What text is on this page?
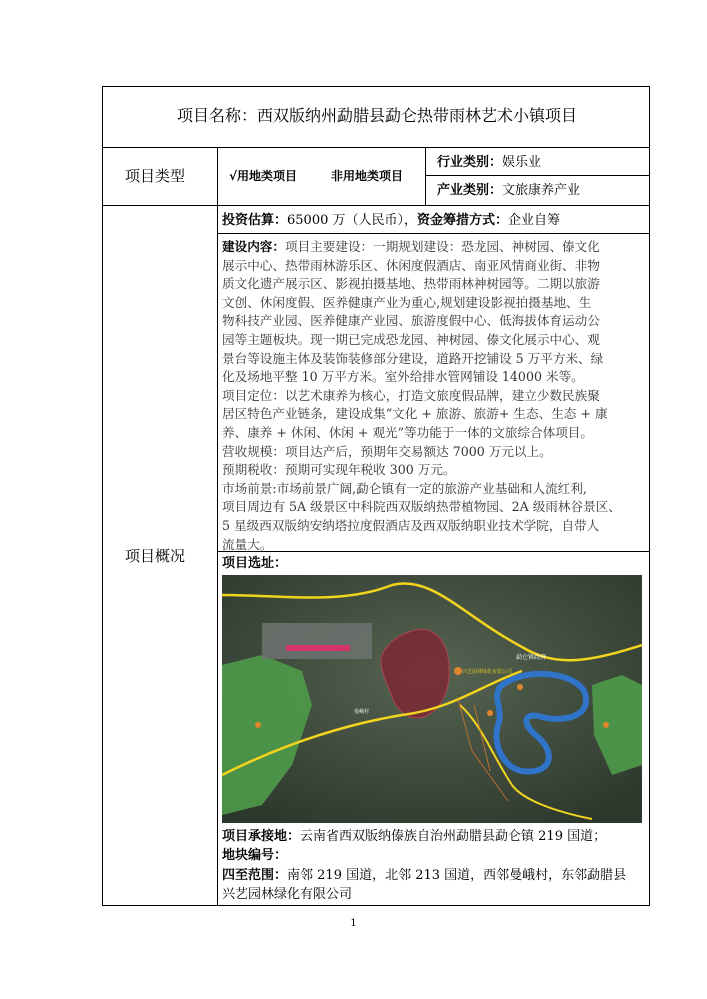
项目名称：西双版纳州勐腊县勐仑热带雨林艺术小镇项目
项目类型	√用地类项目	非用地类项目
行业类别：娱乐业
产业类别：文旅康养产业
项目概况
投资估算：65000 万（人民币），资金筹措方式：企业自筹
建设内容：项目主要建设：一期规划建设：恐龙园、神树园、傣文化
展示中心、热带雨林游乐区、休闲度假酒店、南亚风情商业街、非物
质文化遗产展示区、影视拍摄基地、热带雨林神树园等。二期以旅游
文创、休闲度假、医养健康产业为重心,规划建设影视拍摄基地、生
物科技产业园、医养健康产业园、旅游度假中心、低海拔体育运动公
园等主题板块。现一期已完成恐龙园、神树园、傣文化展示中心、观
景台等设施主体及装饰装修部分建设，道路开挖铺设 5 万平方米、绿
化及场地平整 10 万平方米。室外给排水管网铺设 14000 米等。
项目定位：以艺术康养为核心，打造文旅度假品牌，建立少数民族聚
居区特色产业链条，建设成集“文化 + 旅游、旅游+ 生态、生态 + 康
养、康养 + 休闲、休闲 + 观光”等功能于一体的文旅综合体项目。
营收规模：项目达产后，预期年交易额达 7000 万元以上。
预期税收：预期可实现年税收 300 万元。
市场前景:市场前景广阔,勐仑镇有一定的旅游产业基础和人流红利,
项目周边有 5A 级景区中科院西双版纳热带植物园、2A 级雨林谷景区、
5 星级西双版纳安纳塔拉度假酒店及西双版纳职业技术学院，自带人
流量大。
项目选址：
勐仑镇政府
兴艺园林绿化有限公司
曼峨村
项目承接地：云南省西双版纳傣族自治州勐腊县勐仑镇 219 国道；
地块编号：
四至范围：南邻 219 国道，北邻 213 国道，西邻曼峨村，东邻勐腊县
兴艺园林绿化有限公司
1
